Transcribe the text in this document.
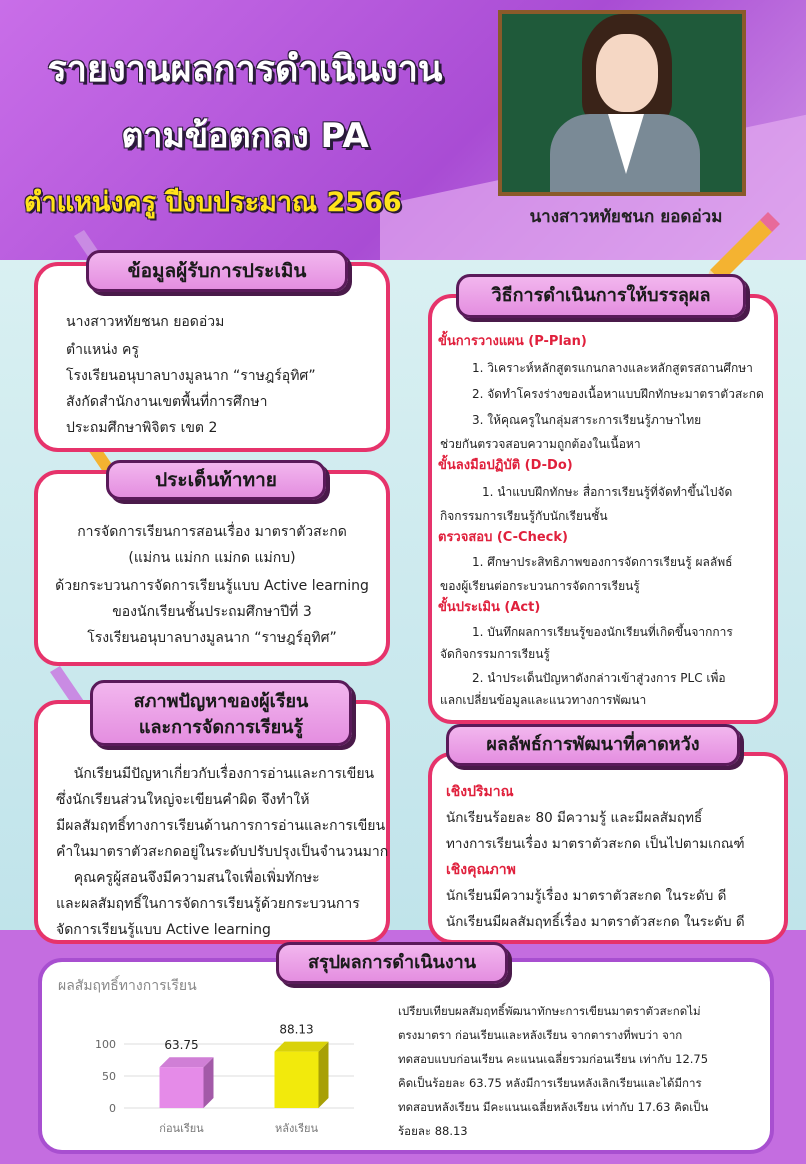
รายงานผลการดำเนินงาน
ตามข้อตกลง PA
ตำแหน่งครู ปีงบประมาณ 2566	นางสาวหทัยชนก ยอดอ่วม
ข้อมูลผู้รับการประเมิน
นางสาวหทัยชนก ยอดอ่วม
ตำแหน่ง ครู
โรงเรียนอนุบาลบางมูลนาก “ราษฎร์อุทิศ”
สังกัดสำนักงานเขตพื้นที่การศึกษา
ประถมศึกษาพิจิตร เขต 2
ประเด็นท้าทาย
การจัดการเรียนการสอนเรื่อง มาตราตัวสะกด
(แม่กน แม่กก แม่กด แม่กบ)
ด้วยกระบวนการจัดการเรียนรู้แบบ Active learning
ของนักเรียนชั้นประถมศึกษาปีที่ 3
โรงเรียนอนุบาลบางมูลนาก “ราษฎร์อุทิศ”
สภาพปัญหาของผู้เรียน
และการจัดการเรียนรู้
นักเรียนมีปัญหาเกี่ยวกับเรื่องการอ่านและการเขียน
ซึ่งนักเรียนส่วนใหญ่จะเขียนคำผิด จึงทำให้
มีผลสัมฤทธิ์ทางการเรียนด้านการการอ่านและการเขียน
คำในมาตราตัวสะกดอยู่ในระดับปรับปรุงเป็นจำนวนมาก
คุณครูผู้สอนจึงมีความสนใจเพื่อเพิ่มทักษะ
และผลสัมฤทธิ์ในการจัดการเรียนรู้ด้วยกระบวนการ
จัดการเรียนรู้แบบ Active learning
วิธีการดำเนินการให้บรรลุผล
ขั้นการวางแผน (P-Plan)
1. วิเคราะห์หลักสูตรแกนกลางและหลักสูตรสถานศึกษา
2. จัดทำโครงร่างของเนื้อหาแบบฝึกทักษะมาตราตัวสะกด
3. ให้คุณครูในกลุ่มสาระการเรียนรู้ภาษาไทย
ช่วยกันตรวจสอบความถูกต้องในเนื้อหา
ขั้นลงมือปฏิบัติ (D-Do)
1. นำแบบฝึกทักษะ สื่อการเรียนรู้ที่จัดทำขึ้นไปจัด
กิจกรรมการเรียนรู้กับนักเรียนชั้น
ตรวจสอบ (C-Check)
1. ศึกษาประสิทธิภาพของการจัดการเรียนรู้ ผลลัพธ์
ของผู้เรียนต่อกระบวนการจัดการเรียนรู้
ขั้นประเมิน (Act)
1. บันทึกผลการเรียนรู้ของนักเรียนที่เกิดขึ้นจากการ
จัดกิจกรรมการเรียนรู้
2. นำประเด็นปัญหาดังกล่าวเข้าสู่วงการ PLC เพื่อ
แลกเปลี่ยนข้อมูลและแนวทางการพัฒนา
ผลลัพธ์การพัฒนาที่คาดหวัง
เชิงปริมาณ
นักเรียนร้อยละ 80 มีความรู้ และมีผลสัมฤทธิ์
ทางการเรียนเรื่อง มาตราตัวสะกด เป็นไปตามเกณฑ์
เชิงคุณภาพ
นักเรียนมีความรู้เรื่อง มาตราตัวสะกด ในระดับ ดี
นักเรียนมีผลสัมฤทธิ์เรื่อง มาตราตัวสะกด ในระดับ ดี
สรุปผลการดำเนินงาน
ผลสัมฤทธิ์ทางการเรียน
0
50
100	63.75
ก่อนเรียน
88.13
หลังเรียน
เปรียบเทียบผลสัมฤทธิ์พัฒนาทักษะการเขียนมาตราตัวสะกดไม่
ตรงมาตรา ก่อนเรียนและหลังเรียน จากตารางที่พบว่า จาก
ทดสอบแบบก่อนเรียน คะแนนเฉลี่ยรวมก่อนเรียน เท่ากับ 12.75
คิดเป็นร้อยละ 63.75 หลังมีการเรียนหลังเลิกเรียนและได้มีการ
ทดสอบหลังเรียน มีคะแนนเฉลี่ยหลังเรียน เท่ากับ 17.63 คิดเป็น
ร้อยละ 88.13
